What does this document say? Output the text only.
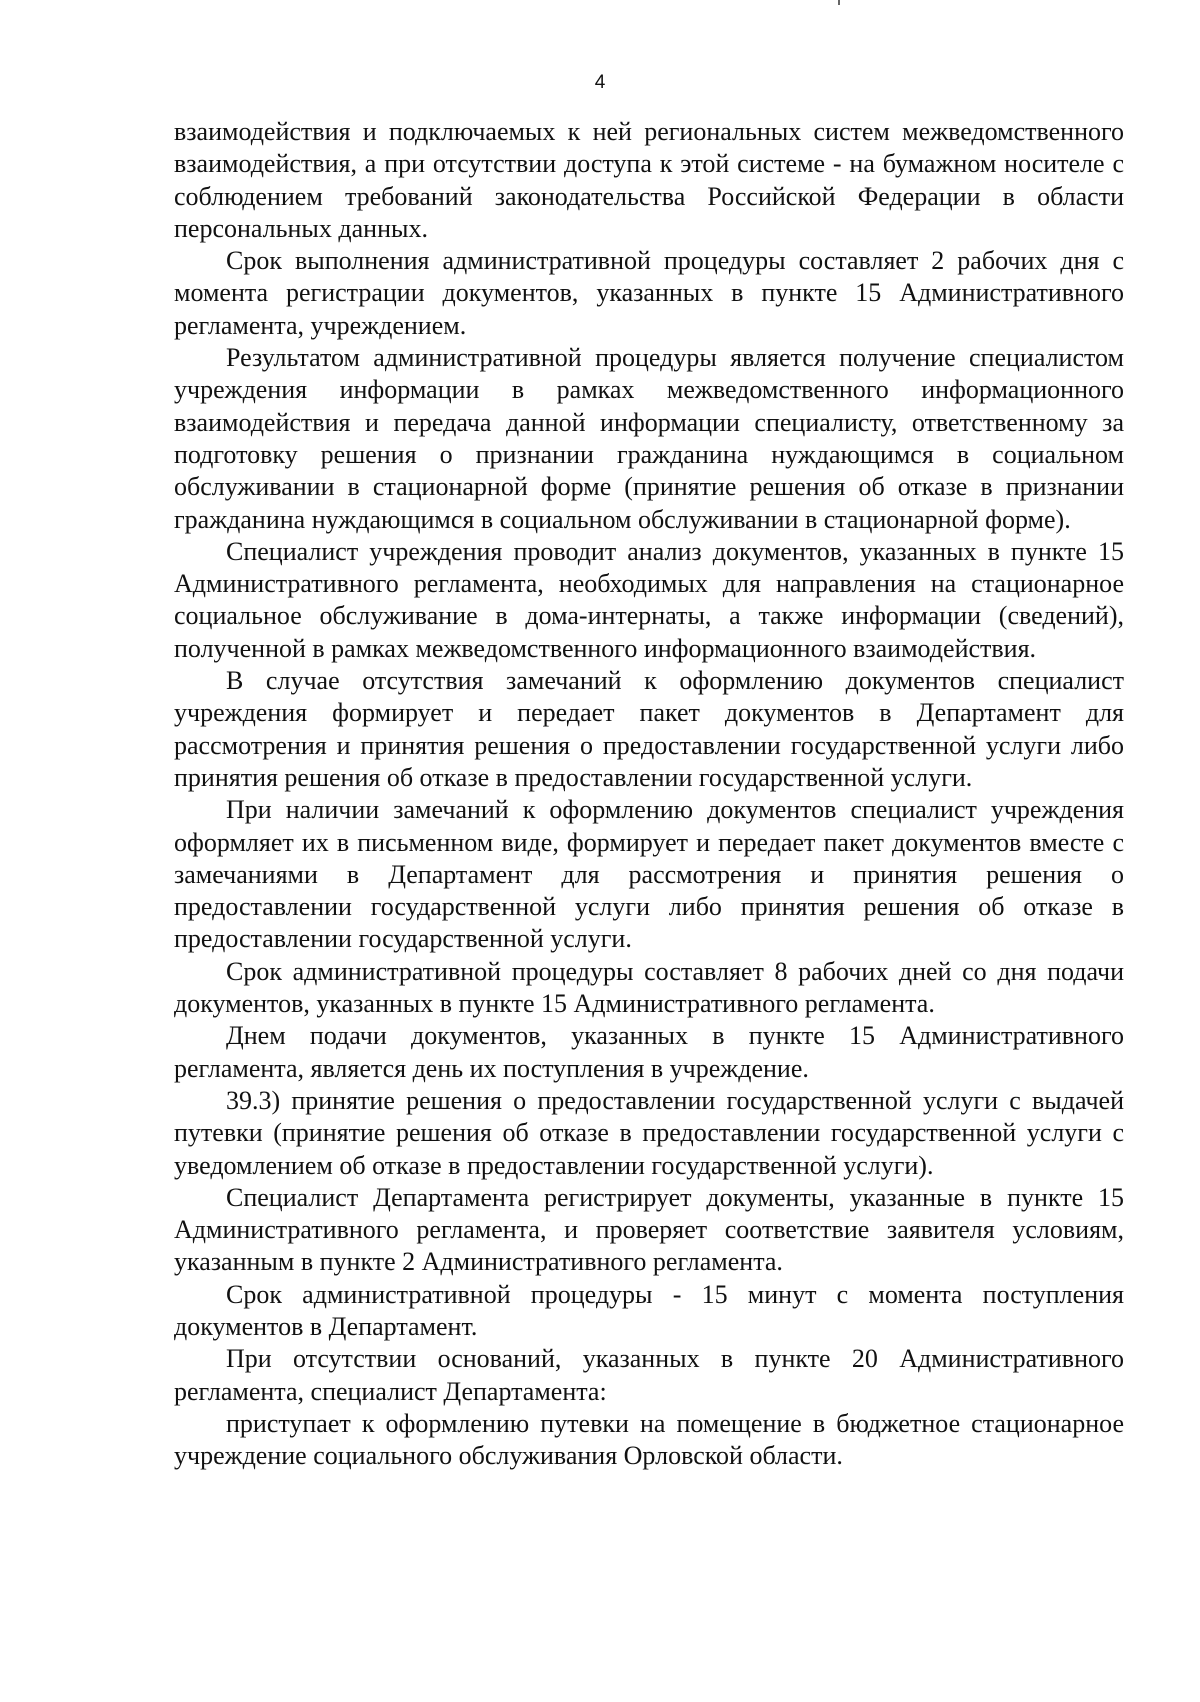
4

взаимодействия и подключаемых к ней региональных систем межведомственного взаимодействия, а при отсутствии доступа к этой системе - на бумажном носителе с соблюдением требований законодательства Российской Федерации в области персональных данных.

Срок выполнения административной процедуры составляет 2 рабочих дня с момента регистрации документов, указанных в пункте 15 Административного регламента, учреждением.

Результатом административной процедуры является получение специалистом учреждения информации в рамках межведомственного информационного взаимодействия и передача данной информации специалисту, ответственному за подготовку решения о признании гражданина нуждающимся в социальном обслуживании в стационарной форме (принятие решения об отказе в признании гражданина нуждающимся в социальном обслуживании в стационарной форме).

Специалист учреждения проводит анализ документов, указанных в пункте 15 Административного регламента, необходимых для направления на стационарное социальное обслуживание в дома-интернаты, а также информации (сведений), полученной в рамках межведомственного информационного взаимодействия.

В случае отсутствия замечаний к оформлению документов специалист учреждения формирует и передает пакет документов в Департамент для рассмотрения и принятия решения о предоставлении государственной услуги либо принятия решения об отказе в предоставлении государственной услуги.

При наличии замечаний к оформлению документов специалист учреждения оформляет их в письменном виде, формирует и передает пакет документов вместе с замечаниями в Департамент для рассмотрения и принятия решения о предоставлении государственной услуги либо принятия решения об отказе в предоставлении государственной услуги.

Срок административной процедуры составляет 8 рабочих дней со дня подачи документов, указанных в пункте 15 Административного регламента.

Днем подачи документов, указанных в пункте 15 Административного регламента, является день их поступления в учреждение.

39.3) принятие решения о предоставлении государственной услуги с выдачей путевки (принятие решения об отказе в предоставлении государственной услуги с уведомлением об отказе в предоставлении государственной услуги).

Специалист Департамента регистрирует документы, указанные в пункте 15 Административного регламента, и проверяет соответствие заявителя условиям, указанным в пункте 2 Административного регламента.

Срок административной процедуры - 15 минут с момента поступления документов в Департамент.

При отсутствии оснований, указанных в пункте 20 Административного регламента, специалист Департамента:

приступает к оформлению путевки на помещение в бюджетное стационарное учреждение социального обслуживания Орловской области.
